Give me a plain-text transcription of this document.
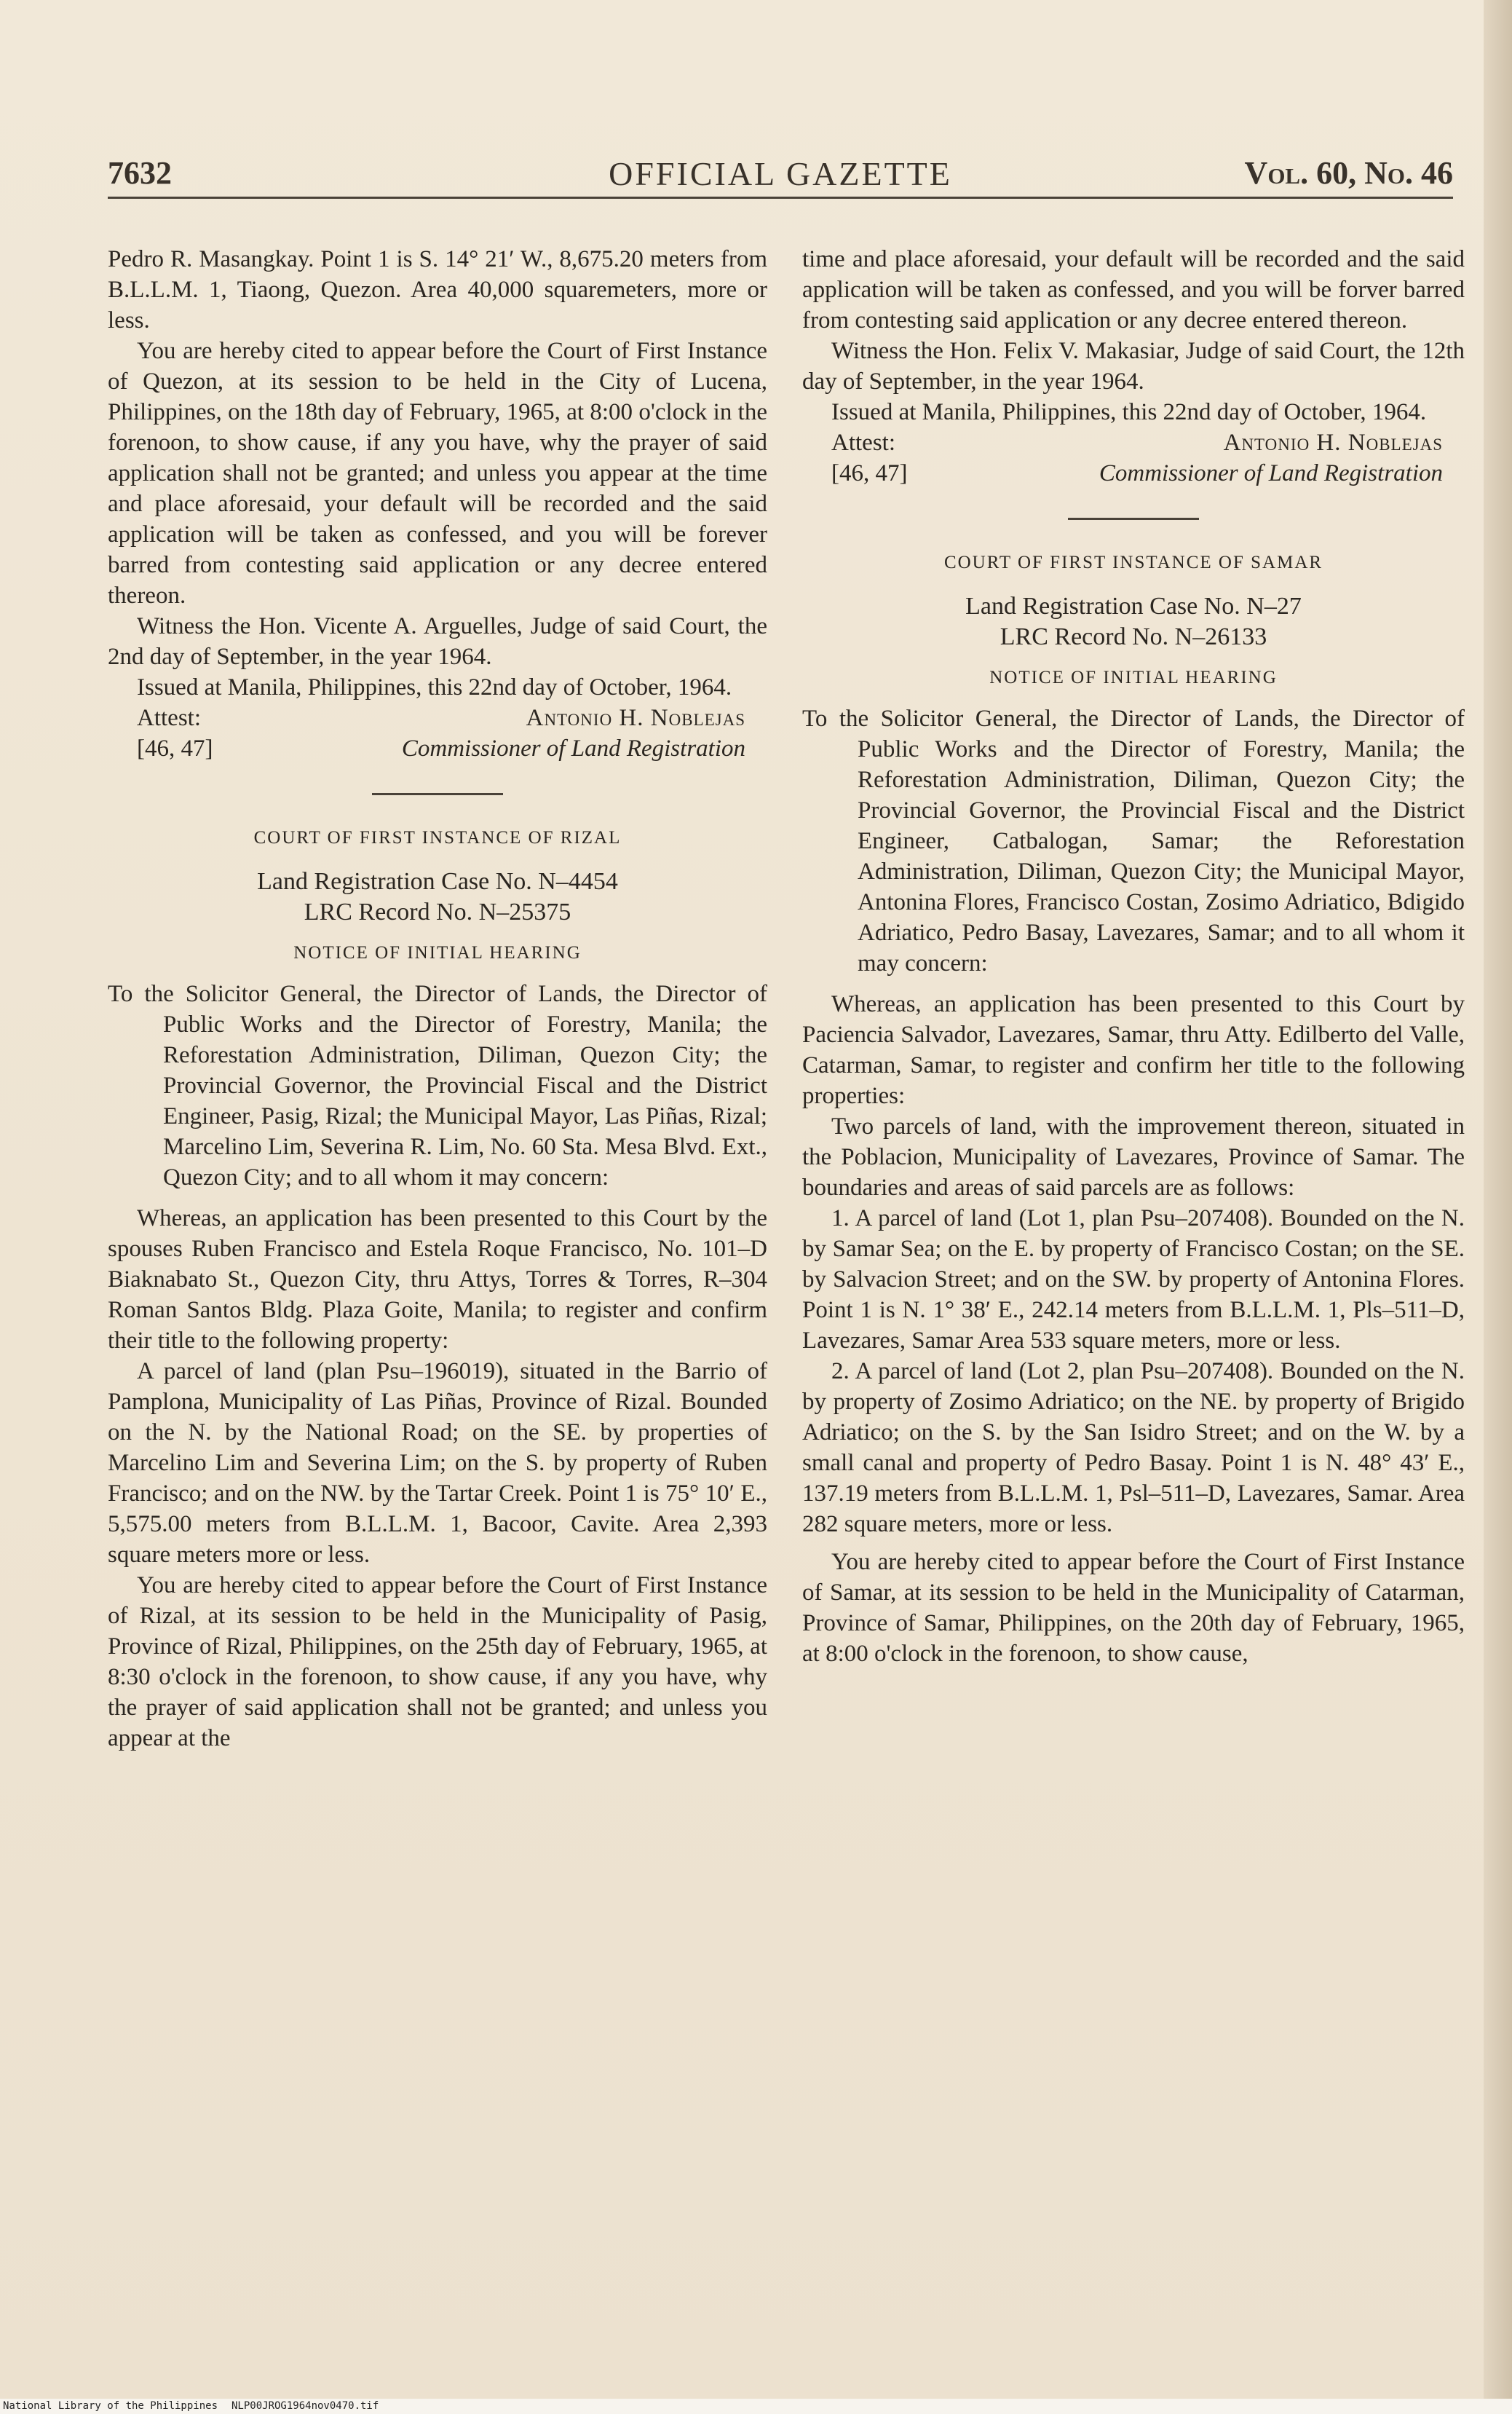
7632	OFFICIAL GAZETTE	Vol. 60, No. 46

Pedro R. Masangkay. Point 1 is S. 14° 21′ W., 8,675.20 meters from B.L.L.M. 1, Tiaong, Quezon. Area 40,000 squaremeters, more or less.

You are hereby cited to appear before the Court of First Instance of Quezon, at its session to be held in the City of Lucena, Philippines, on the 18th day of February, 1965, at 8:00 o'clock in the forenoon, to show cause, if any you have, why the prayer of said application shall not be granted; and unless you appear at the time and place aforesaid, your default will be recorded and the said application will be taken as confessed, and you will be forever barred from contesting said application or any decree entered thereon.

Witness the Hon. Vicente A. Arguelles, Judge of said Court, the 2nd day of September, in the year 1964.

Issued at Manila, Philippines, this 22nd day of October, 1964.

Attest:	Antonio H. Noblejas
[46, 47]	Commissioner of Land Registration
COURT OF FIRST INSTANCE OF RIZAL
Land Registration Case No. N–4454
LRC Record No. N–25375
NOTICE OF INITIAL HEARING

To the Solicitor General, the Director of Lands, the Director of Public Works and the Director of Forestry, Manila; the Reforestation Administration, Diliman, Quezon City; the Provincial Governor, the Provincial Fiscal and the District Engineer, Pasig, Rizal; the Municipal Mayor, Las Piñas, Rizal; Marcelino Lim, Severina R. Lim, No. 60 Sta. Mesa Blvd. Ext., Quezon City; and to all whom it may concern:

Whereas, an application has been presented to this Court by the spouses Ruben Francisco and Estela Roque Francisco, No. 101–D Biaknabato St., Quezon City, thru Attys, Torres & Torres, R–304 Roman Santos Bldg. Plaza Goite, Manila; to register and confirm their title to the following property:

A parcel of land (plan Psu–196019), situated in the Barrio of Pamplona, Municipality of Las Piñas, Province of Rizal. Bounded on the N. by the National Road; on the SE. by properties of Marcelino Lim and Severina Lim; on the S. by property of Ruben Francisco; and on the NW. by the Tartar Creek. Point 1 is 75° 10′ E., 5,575.00 meters from B.L.L.M. 1, Bacoor, Cavite. Area 2,393 square meters more or less.

You are hereby cited to appear before the Court of First Instance of Rizal, at its session to be held in the Municipality of Pasig, Province of Rizal, Philippines, on the 25th day of February, 1965, at 8:30 o'clock in the forenoon, to show cause, if any you have, why the prayer of said application shall not be granted; and unless you appear at the

time and place aforesaid, your default will be recorded and the said application will be taken as confessed, and you will be forver barred from contesting said application or any decree entered thereon.

Witness the Hon. Felix V. Makasiar, Judge of said Court, the 12th day of September, in the year 1964.

Issued at Manila, Philippines, this 22nd day of October, 1964.

Attest:	Antonio H. Noblejas
[46, 47]	Commissioner of Land Registration
COURT OF FIRST INSTANCE OF SAMAR
Land Registration Case No. N–27
LRC Record No. N–26133
NOTICE OF INITIAL HEARING

To the Solicitor General, the Director of Lands, the Director of Public Works and the Director of Forestry, Manila; the Reforestation Administration, Diliman, Quezon City; the Provincial Governor, the Provincial Fiscal and the District Engineer, Catbalogan, Samar; the Reforestation Administration, Diliman, Quezon City; the Municipal Mayor, Antonina Flores, Francisco Costan, Zosimo Adriatico, Bdigido Adriatico, Pedro Basay, Lavezares, Samar; and to all whom it may concern:

Whereas, an application has been presented to this Court by Paciencia Salvador, Lavezares, Samar, thru Atty. Edilberto del Valle, Catarman, Samar, to register and confirm her title to the following properties:

Two parcels of land, with the improvement thereon, situated in the Poblacion, Municipality of Lavezares, Province of Samar. The boundaries and areas of said parcels are as follows:

1. A parcel of land (Lot 1, plan Psu–207408). Bounded on the N. by Samar Sea; on the E. by property of Francisco Costan; on the SE. by Salvacion Street; and on the SW. by property of Antonina Flores. Point 1 is N. 1° 38′ E., 242.14 meters from B.L.L.M. 1, Pls–511–D, Lavezares, Samar Area 533 square meters, more or less.

2. A parcel of land (Lot 2, plan Psu–207408). Bounded on the N. by property of Zosimo Adriatico; on the NE. by property of Brigido Adriatico; on the S. by the San Isidro Street; and on the W. by a small canal and property of Pedro Basay. Point 1 is N. 48° 43′ E., 137.19 meters from B.L.L.M. 1, Psl–511–D, Lavezares, Samar. Area 282 square meters, more or less.

You are hereby cited to appear before the Court of First Instance of Samar, at its session to be held in the Municipality of Catarman, Province of Samar, Philippines, on the 20th day of February, 1965, at 8:00 o'clock in the forenoon, to show cause,

National Library of the Philippines NLP00JROG1964nov0470.tif
